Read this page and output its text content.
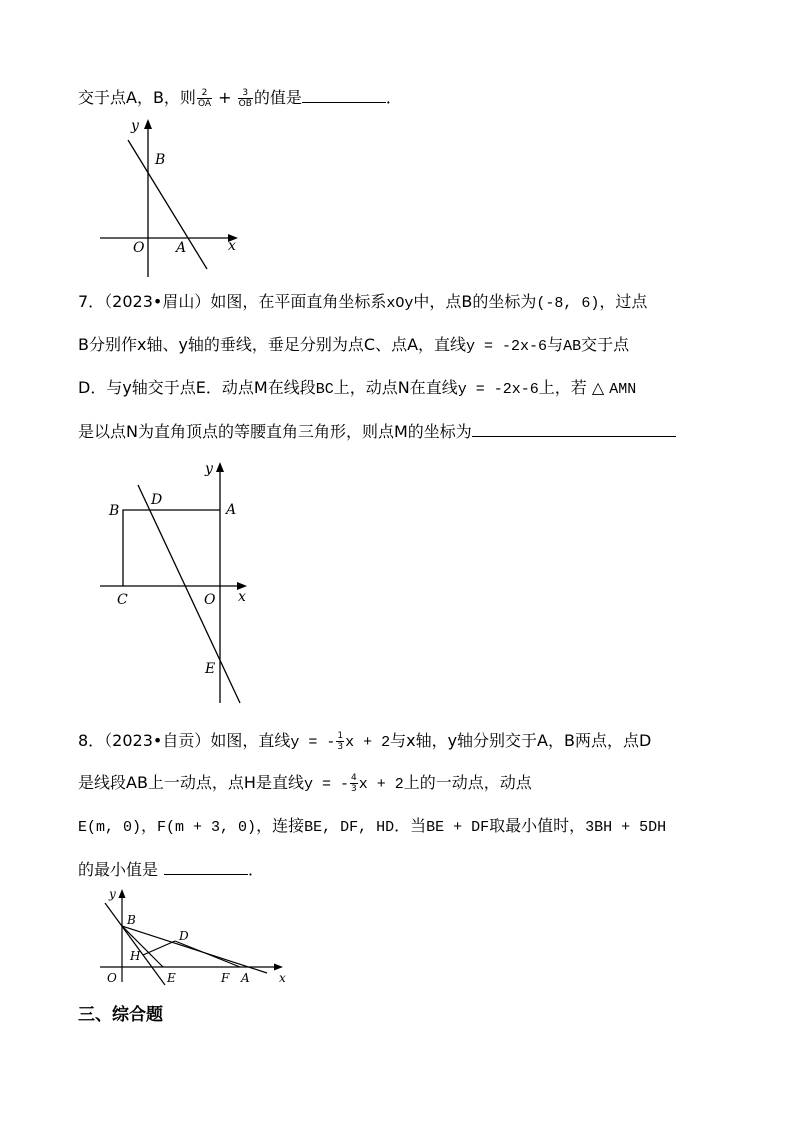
交于点A，B，则 $\frac{2}{OA} + \frac{3}{OB}$ 的值是	．
y
x
B
O A
7．（2023•眉山）如图，在平面直角坐标系xOy中，点B的坐标为(-8, 6)，过点
B分别作x轴、y轴的垂线，垂足分别为点C、点A，直线y = -2x-6与AB交于点
D．与y轴交于点E．动点M在线段BC上，动点N在直线y = -2x-6上，若 △ AMN
是以点N为直角顶点的等腰直角三角形，则点M的坐标为
y
x
B
D
A
C	O
E
8．（2023•自贡）如图，直线y = - $\frac{1}{3}$ x + 2与x轴，y轴分别交于A，B两点，点D
是线段AB上一动点，点H是直线y = - $\frac{4}{3}$ x + 2上的一动点，动点
E(m, 0)，F(m + 3, 0)，连接BE, DF, HD．当BE + DF取最小值时，3BH + 5DH
的最小值是	．
y
x
B
D
H
O	E	F A
三、综合题
